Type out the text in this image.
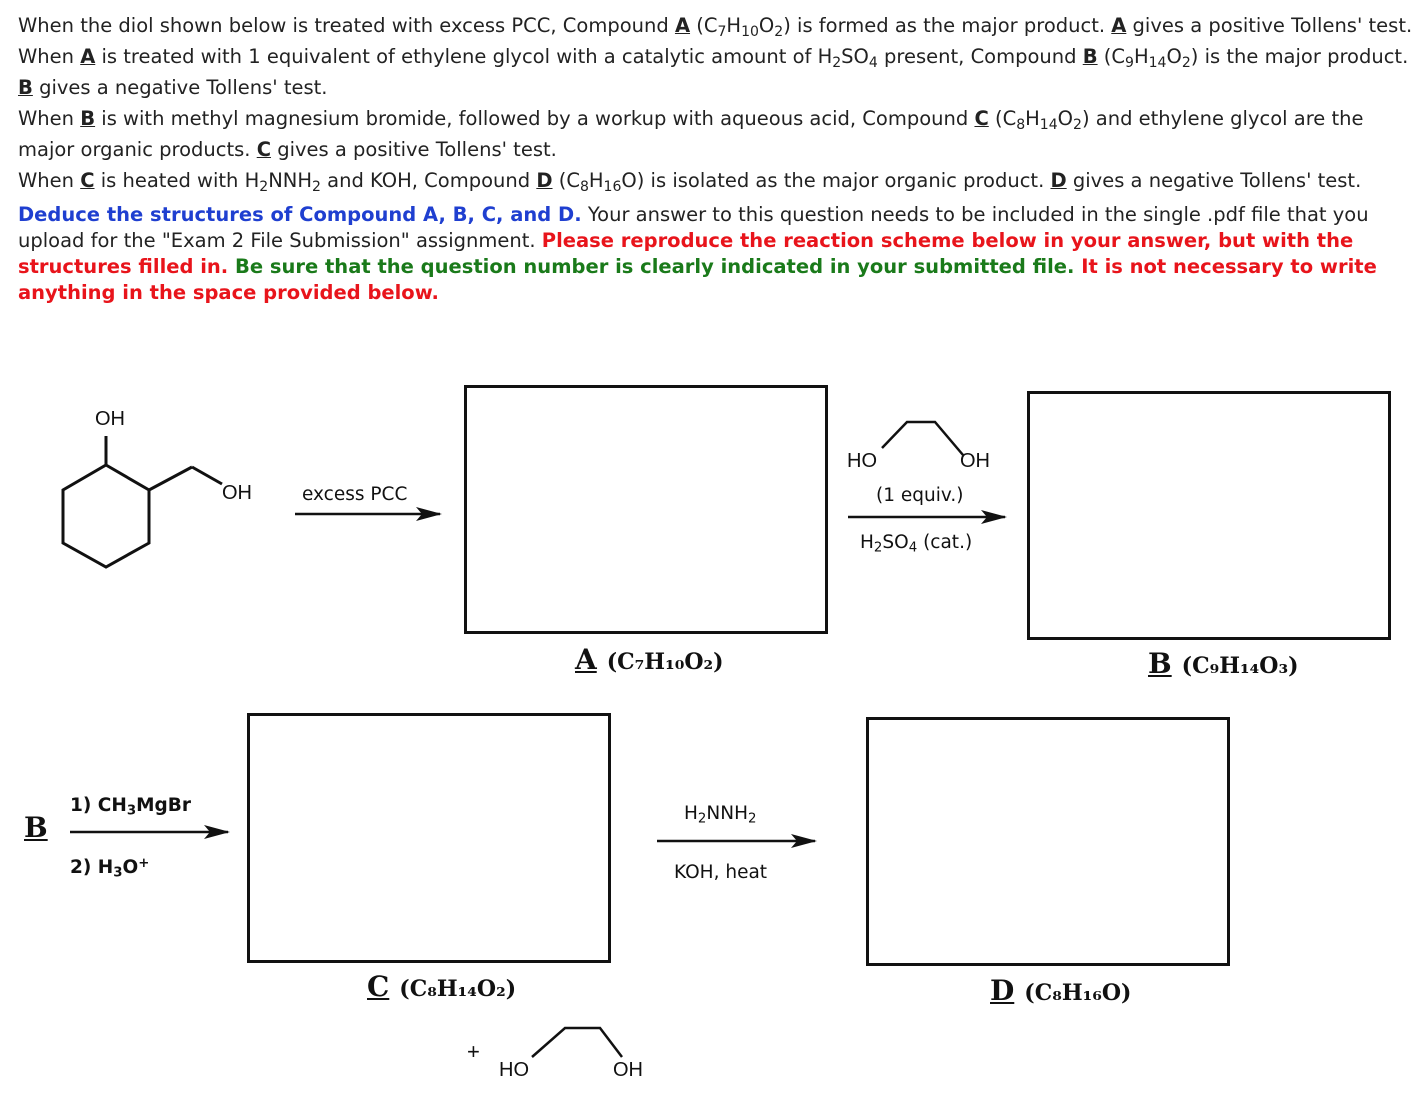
When the diol shown below is treated with excess PCC, Compound A $(C_7H_{10}O_2)$ is formed as the major product. A gives a positive Tollens' test.

When A is treated with 1 equivalent of ethylene glycol with a catalytic amount of $H_2SO_4$ present, Compound B $(C_9H_{14}O_2)$ is the major product. B gives a negative Tollens' test.

When B is with methyl magnesium bromide, followed by a workup with aqueous acid, Compound C $(C_8H_{14}O_2)$ and ethylene glycol are the major organic products. C gives a positive Tollens' test.

When C is heated with $H_2NNH_2$ and KOH, Compound D $(C_8H_{16}O)$ is isolated as the major organic product. D gives a negative Tollens' test.

Deduce the structures of Compound A, B, C, and D. Your answer to this question needs to be included in the single .pdf file that you upload for the "Exam 2 File Submission" assignment. Please reproduce the reaction scheme below in your answer, but with the structures filled in. Be sure that the question number is clearly indicated in your submitted file. It is not necessary to write anything in the space provided below.

OH
OH	excess PCC
HO	OH
(1 equiv.)
$H_2SO_4$ (cat.)
A (C₇H₁₀O₂)	B (C₉H₁₄O₃)
C (C₈H₁₄O₂)	D (C₈H₁₆O)
B
1) $CH_3MgBr$
2) $H_3O^+$
$H_2NNH_2$
KOH, heat
+
HO	OH
